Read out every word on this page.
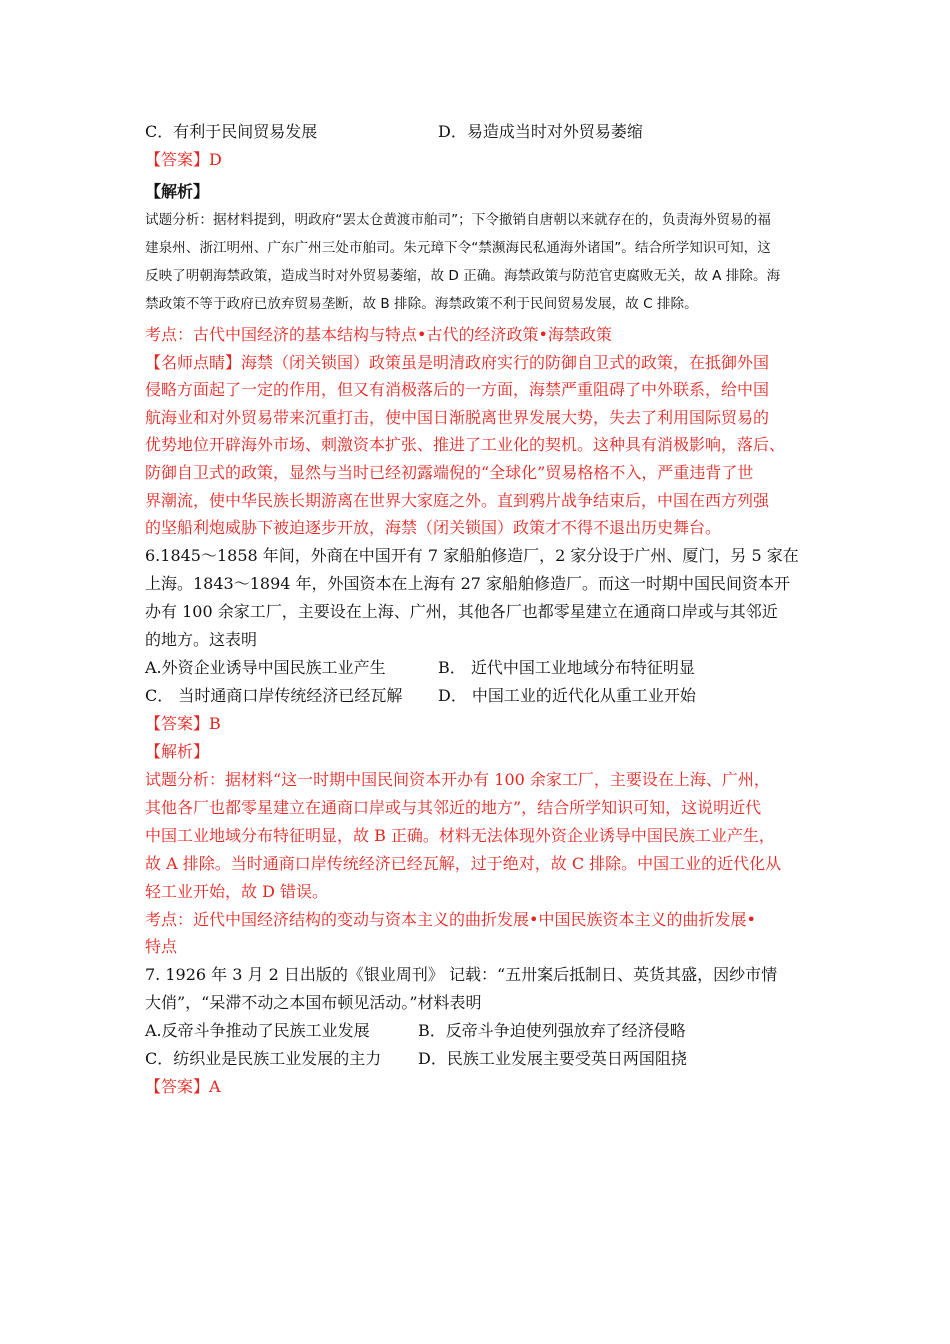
C．有利于民间贸易发展	D．易造成当时对外贸易萎缩
【答案】D
【解析】
试题分析：据材料提到，明政府“罢太仓黄渡市舶司”；下令撤销自唐朝以来就存在的，负责海外贸易的福
建泉州、浙江明州、广东广州三处市舶司。朱元璋下令“禁濒海民私通海外诸国”。结合所学知识可知，这
反映了明朝海禁政策，造成当时对外贸易萎缩，故 D 正确。海禁政策与防范官吏腐败无关，故 A 排除。海
禁政策不等于政府已放弃贸易垄断，故 B 排除。海禁政策不利于民间贸易发展，故 C 排除。
考点：古代中国经济的基本结构与特点•古代的经济政策•海禁政策
【名师点睛】海禁（闭关锁国）政策虽是明清政府实行的防御自卫式的政策，在抵御外国
侵略方面起了一定的作用，但又有消极落后的一方面，海禁严重阻碍了中外联系，给中国
航海业和对外贸易带来沉重打击，使中国日渐脱离世界发展大势，失去了利用国际贸易的
优势地位开辟海外市场、刺激资本扩张、推进了工业化的契机。这种具有消极影响，落后、
防御自卫式的政策，显然与当时已经初露端倪的“全球化”贸易格格不入，严重违背了世
界潮流，使中华民族长期游离在世界大家庭之外。直到鸦片战争结束后，中国在西方列强
的坚船利炮威胁下被迫逐步开放，海禁（闭关锁国）政策才不得不退出历史舞台。
6.1845～1858 年间，外商在中国开有 7 家船舶修造厂，2 家分设于广州、厦门，另 5 家在
上海。1843～1894 年，外国资本在上海有 27 家船舶修造厂。而这一时期中国民间资本开
办有 100 余家工厂，主要设在上海、广州，其他各厂也都零星建立在通商口岸或与其邻近
的地方。这表明
A.外资企业诱导中国民族工业产生	B． 近代中国工业地域分布特征明显
C． 当时通商口岸传统经济已经瓦解 D． 中国工业的近代化从重工业开始
【答案】B
【解析】
试题分析：据材料“这一时期中国民间资本开办有 100 余家工厂，主要设在上海、广州，
其他各厂也都零星建立在通商口岸或与其邻近的地方”，结合所学知识可知，这说明近代
中国工业地域分布特征明显，故 B 正确。材料无法体现外资企业诱导中国民族工业产生，
故 A 排除。当时通商口岸传统经济已经瓦解，过于绝对，故 C 排除。中国工业的近代化从
轻工业开始，故 D 错误。
考点：近代中国经济结构的变动与资本主义的曲折发展•中国民族资本主义的曲折发展•
特点
7. 1926 年 3 月 2 日出版的《银业周刊》 记载：“五卅案后抵制日、英货其盛，因纱市情
大俏”，“呆滞不动之本国布顿见活动。”材料表明
A.反帝斗争推动了民族工业发展	B．反帝斗争迫使列强放弃了经济侵略
C．纺织业是民族工业发展的主力 D．民族工业发展主要受英日两国阻挠
【答案】A
